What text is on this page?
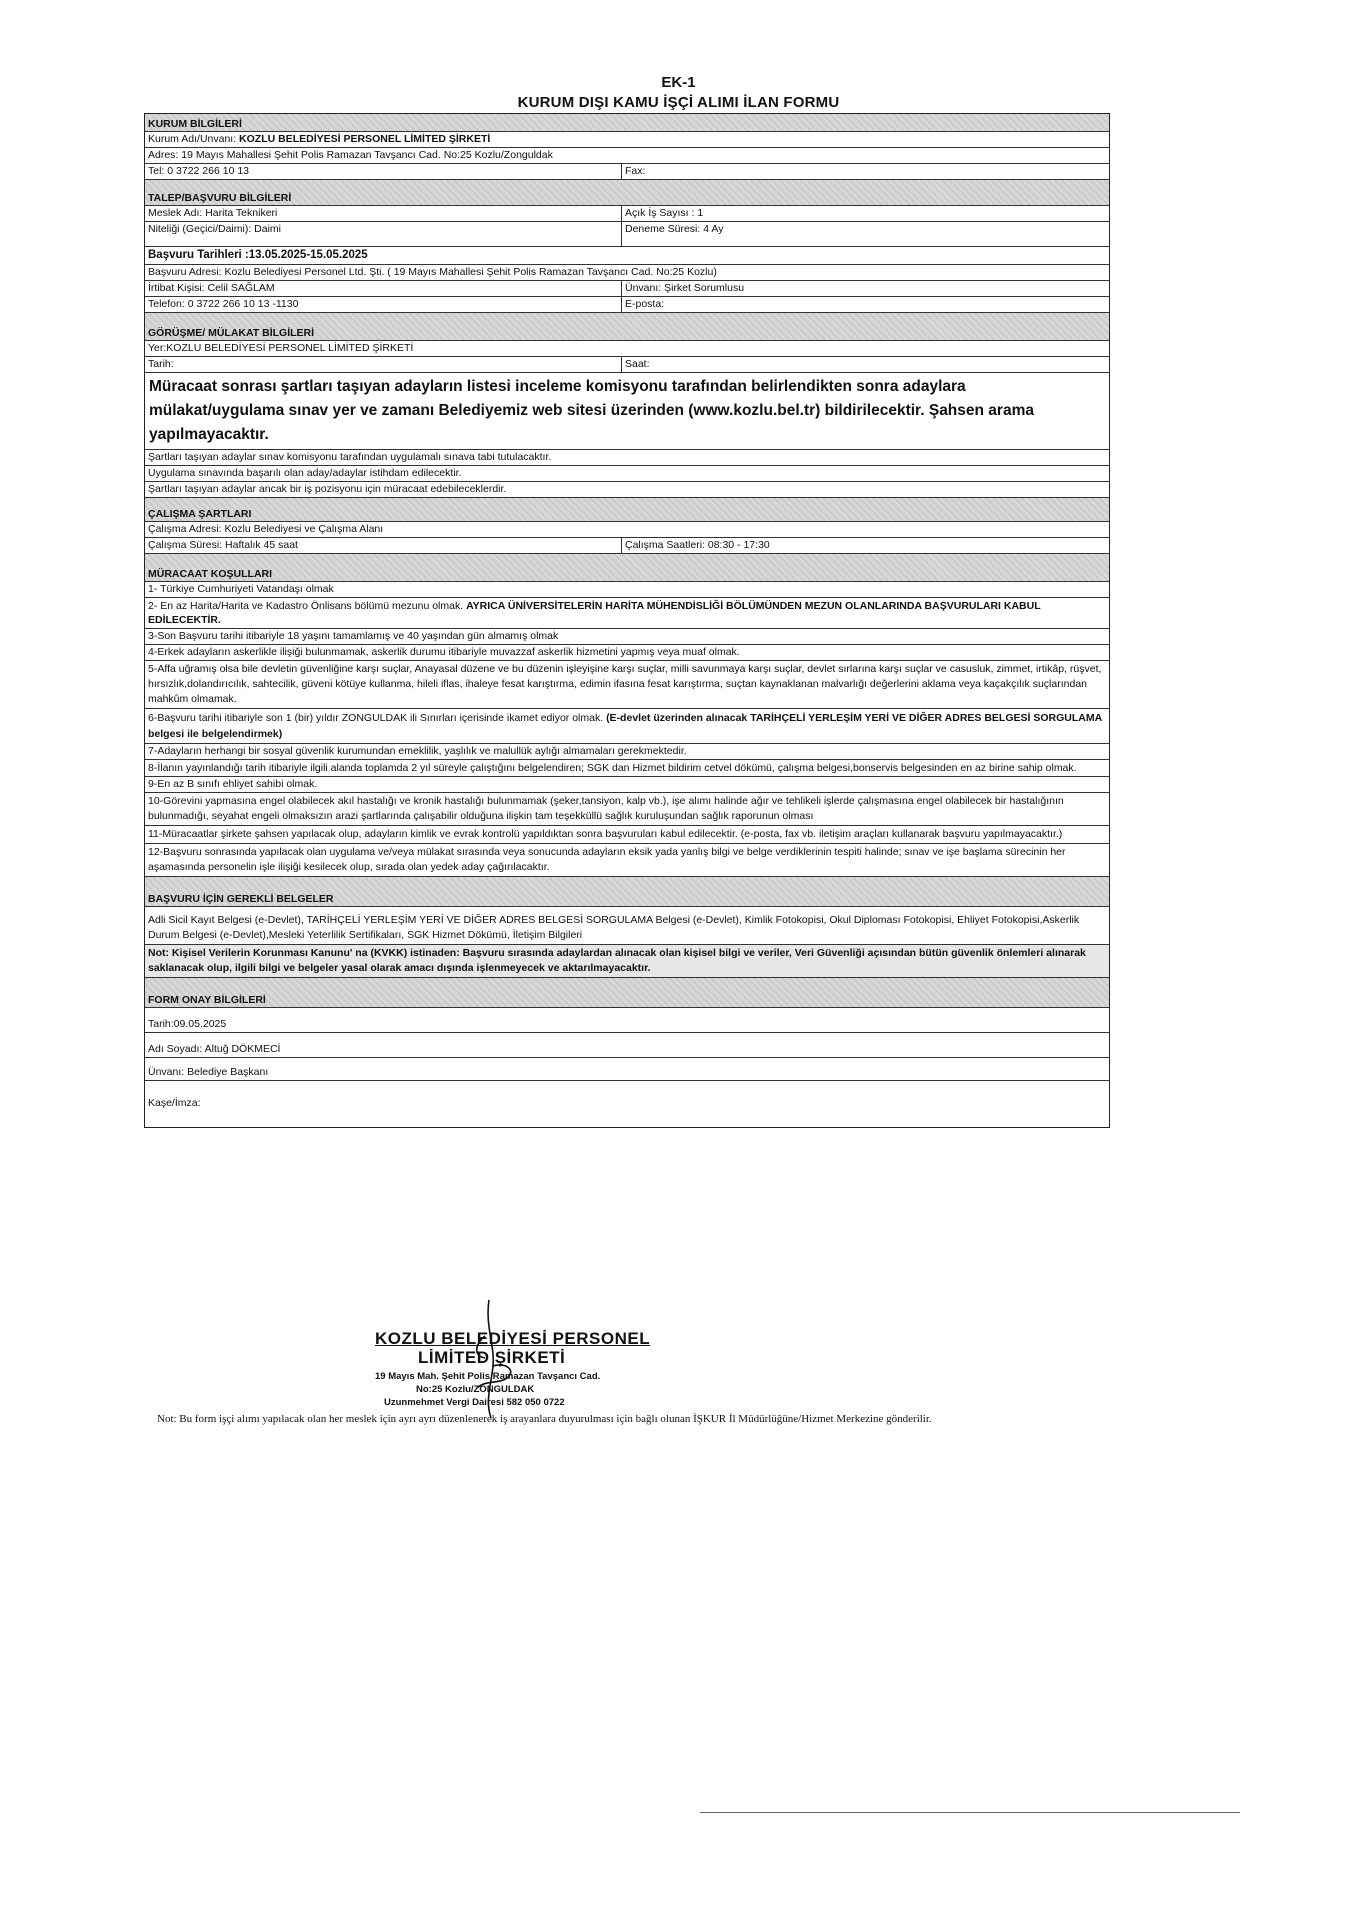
EK-1
KURUM DIŞI KAMU İŞÇİ ALIMI İLAN FORMU
KURUM BİLGİLERİ
Kurum Adı/Unvanı: KOZLU BELEDİYESİ PERSONEL LİMİTED ŞİRKETİ
Adres: 19 Mayıs Mahallesi Şehit Polis Ramazan Tavşancı Cad. No:25 Kozlu/Zonguldak
Tel: 0 3722 266 10 13	Fax:
TALEP/BAŞVURU BİLGİLERİ
Meslek Adı: Harita Teknikeri	Açık İş Sayısı : 1
Niteliği (Geçici/Daimi): Daimi	Deneme Süresi: 4 Ay
Başvuru Tarihleri :13.05.2025-15.05.2025
Başvuru Adresi: Kozlu Belediyesi Personel Ltd. Şti. ( 19 Mayıs Mahallesi Şehit Polis Ramazan Tavşancı Cad. No:25 Kozlu)
İrtibat Kişisi: Celil SAĞLAM	Ünvanı: Şirket Sorumlusu
Telefon: 0 3722 266 10 13 -1130	E-posta:
GÖRÜŞME/ MÜLAKAT BİLGİLERİ
Yer:KOZLU BELEDİYESİ PERSONEL LİMİTED ŞİRKETİ
Tarih:	Saat:
Müracaat sonrası şartları taşıyan adayların listesi inceleme komisyonu tarafından belirlendikten sonra adaylara mülakat/uygulama sınav yer ve zamanı Belediyemiz web sitesi üzerinden (www.kozlu.bel.tr) bildirilecektir. Şahsen arama yapılmayacaktır.
Şartları taşıyan adaylar sınav komisyonu tarafından uygulamalı sınava tabi tutulacaktır.
Uygulama sınavında başarılı olan aday/adaylar istihdam edilecektir.
Şartları taşıyan adaylar ancak bir iş pozisyonu için müracaat edebileceklerdir.
ÇALIŞMA ŞARTLARI
Çalışma Adresi: Kozlu Belediyesi ve Çalışma Alanı
Çalışma Süresi: Haftalık 45 saat	Çalışma Saatleri: 08:30 - 17:30
MÜRACAAT KOŞULLARI
1- Türkiye Cumhuriyeti Vatandaşı olmak
2- En az Harita/Harita ve Kadastro Önlisans bölümü mezunu olmak. AYRICA ÜNİVERSİTELERİN HARİTA MÜHENDİSLİĞİ BÖLÜMÜNDEN MEZUN OLANLARINDA BAŞVURULARI KABUL EDİLECEKTİR.
3-Son Başvuru tarihi itibariyle 18 yaşını tamamlamış ve 40 yaşından gün almamış olmak
4-Erkek adayların askerlikle ilişiği bulunmamak, askerlik durumu itibariyle muvazzaf askerlik hizmetini yapmış veya muaf olmak.
5-Affa uğramış olsa bile devletin güvenliğine karşı suçlar, Anayasal düzene ve bu düzenin işleyişine karşı suçlar, milli savunmaya karşı suçlar, devlet sırlarına karşı suçlar ve casusluk, zimmet, irtikâp, rüşvet, hırsızlık,dolandırıcılık, sahtecilik, güveni kötüye kullanma, hileli iflas, ihaleye fesat karıştırma, edimin ifasına fesat karıştırma, suçtan kaynaklanan malvarlığı değerlerini aklama veya kaçakçılık suçlarından mahkûm olmamak.
6-Başvuru tarihi itibariyle son 1 (bir) yıldır ZONGULDAK ili Sınırları içerisinde ikamet ediyor olmak. (E-devlet üzerinden alınacak TARİHÇELİ YERLEŞİM YERİ VE DİĞER ADRES BELGESİ SORGULAMA belgesi ile belgelendirmek)
7-Adayların herhangi bir sosyal güvenlik kurumundan emeklilik, yaşlılık ve malullük aylığı almamaları gerekmektedir.
8-İlanın yayınlandığı tarih itibariyle ilgili alanda toplamda 2 yıl süreyle çalıştığını belgelendiren; SGK dan Hizmet bildirim cetvel dökümü, çalışma belgesi,bonservis belgesinden en az birine sahip olmak.
9-En az B sınıfı ehliyet sahibi olmak.
10-Görevini yapmasına engel olabilecek akıl hastalığı ve kronik hastalığı bulunmamak (şeker,tansiyon, kalp vb.), işe alımı halinde ağır ve tehlikeli işlerde çalışmasına engel olabilecek bir hastalığının bulunmadığı, seyahat engeli olmaksızın arazi şartlarında çalışabilir olduğuna ilişkin tam teşekküllü sağlık kuruluşundan sağlık raporunun olması
11-Müracaatlar şirkete şahsen yapılacak olup, adayların kimlik ve evrak kontrolü yapıldıktan sonra başvuruları kabul edilecektir. (e-posta, fax vb. iletişim araçları kullanarak başvuru yapılmayacaktır.)
12-Başvuru sonrasında yapılacak olan uygulama ve/veya mülakat sırasında veya sonucunda adayların eksik yada yanlış bilgi ve belge verdiklerinin tespiti halinde; sınav ve işe başlama sürecinin her aşamasında personelin işle ilişiği kesilecek olup, sırada olan yedek aday çağırılacaktır.
BAŞVURU İÇİN GEREKLİ BELGELER
Adli Sicil Kayıt Belgesi (e-Devlet), TARİHÇELİ YERLEŞİM YERİ VE DİĞER ADRES BELGESİ SORGULAMA Belgesi (e-Devlet), Kimlik Fotokopisi, Okul Diploması Fotokopisi, Ehliyet Fotokopisi,Askerlik Durum Belgesi (e-Devlet),Mesleki Yeterlilik Sertifikaları, SGK Hizmet Dökümü, İletişim Bilgileri
Not: Kişisel Verilerin Korunması Kanunu' na (KVKK) istinaden: Başvuru sırasında adaylardan alınacak olan kişisel bilgi ve veriler, Veri Güvenliği açısından bütün güvenlik önlemleri alınarak saklanacak olup, ilgili bilgi ve belgeler yasal olarak amacı dışında işlenmeyecek ve aktarılmayacaktır.
FORM ONAY BİLGİLERİ
Tarih:09.05.2025
Adı Soyadı: Altuğ DÖKMECİ
Ünvanı: Belediye Başkanı
Kaşe/İmza:
KOZLU BELEDİYESİ PERSONEL
LİMİTED ŞİRKETİ
19 Mayıs Mah. Şehit Polis Ramazan Tavşancı Cad.
No:25 Kozlu/ZONGULDAK
Uzunmehmet Vergi Dairesi 582 050 0722
Not: Bu form işçi alımı yapılacak olan her meslek için ayrı ayrı düzenlenerek iş arayanlara duyurulması için bağlı olunan İŞKUR İl Müdürlüğüne/Hizmet Merkezine gönderilir.
